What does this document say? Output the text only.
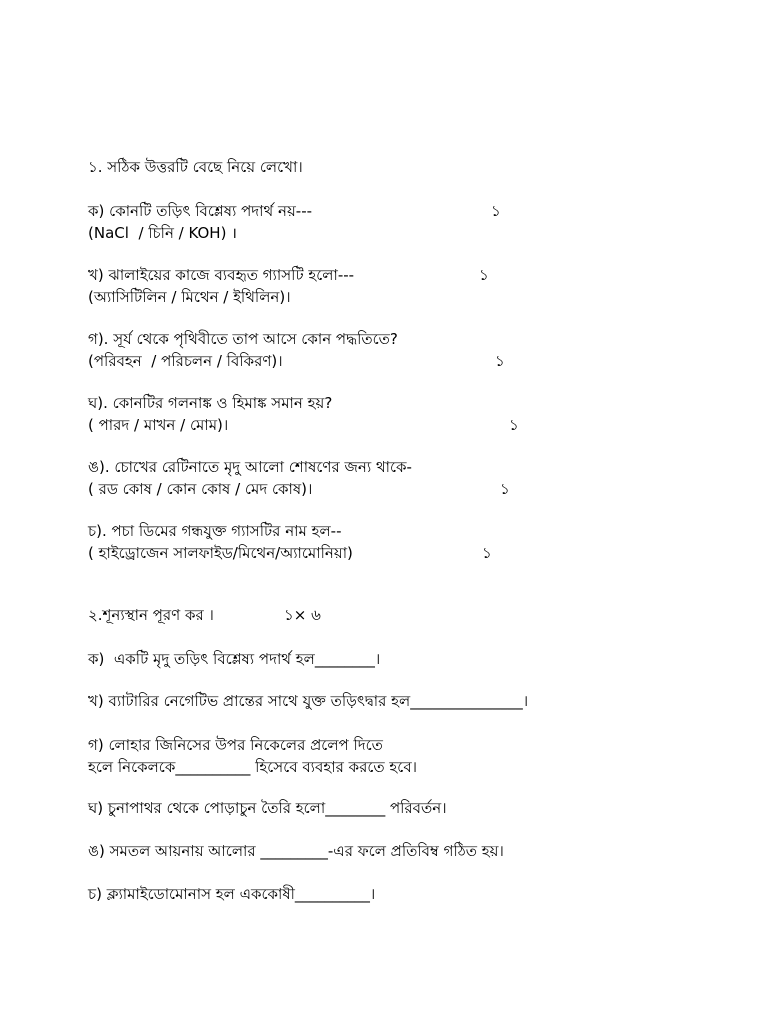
১. সঠিক উত্তরটি বেছে নিয়ে লেখো।
ক) কোনটি তড়িৎ বিশ্লেষ্য পদার্থ নয়---	১
(NaCl  / চিনি / KOH) ।
খ) ঝালাইয়ের কাজে ব্যবহৃত গ্যাসটি হলো---	১
(অ্যাসিটিলিন / মিথেন / ইথিলিন)।
গ). সূর্য থেকে পৃথিবীতে তাপ আসে কোন পদ্ধতিতে?
(পরিবহন  / পরিচলন / বিকিরণ)।	১
ঘ). কোনটির গলনাঙ্ক ও হিমাঙ্ক সমান হয়?
( পারদ / মাখন / মোম)।	১
ঙ). চোখের রেটিনাতে মৃদু আলো শোষণের জন্য থাকে-
( রড কোষ / কোন কোষ / মেদ কোষ)।	১
চ). পচা ডিমের গন্ধযুক্ত গ্যাসটির নাম হল--
( হাইড্রোজেন সালফাইড/মিথেন/অ্যামোনিয়া)	১
২.শূন্যস্থান পূরণ কর ।	১× ৬
ক)  একটি মৃদু তড়িৎ বিশ্লেষ্য পদার্থ হল________।
খ) ব্যাটারির নেগেটিভ প্রান্তের সাথে যুক্ত তড়িৎদ্বার হল_______________।
গ) লোহার জিনিসের উপর নিকেলের প্রলেপ দিতে
হলে নিকেলকে__________ হিসেবে ব্যবহার করতে হবে।
ঘ) চুনাপাথর থেকে পোড়াচুন তৈরি হলো________ পরিবর্তন।
ঙ) সমতল আয়নায় আলোর _________-এর ফলে প্রতিবিম্ব গঠিত হয়।
চ) ক্ল্যামাইডোমোনাস হল এককোষী__________।
